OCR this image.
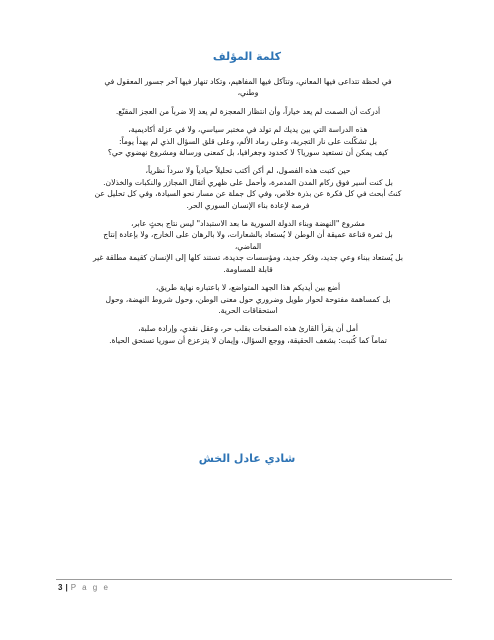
كلمة المؤلف

في لحظة تتداعى فيها المعاني، وتتآكل فيها المفاهيم، وتكاد تنهار فيها آخر جسور المعقول في
وطني،

أدركت أن الصمت لم يعد خياراً، وأن انتظار المعجزة لم يعد إلا ضرباً من العجز المقنّع.

هذه الدراسة التي بين يديك لم تولد في مختبر سياسي، ولا في عزلة أكاديمية،
بل تشكّلت على نار التجربة، وعلى رماد الألم، وعلى قلق السؤال الذي لم يهدأ يوماً:
كيف يمكن أن نستعيد سوريا؟ لا كحدود وجغرافيا، بل كمعنى ورسالة ومشروع نهضوي حي؟

حين كتبت هذه الفصول، لم أكن أكتب تحليلاً حيادياً ولا سرداً نظرياً،
بل كنت أسير فوق ركام المدن المدمرة، وأحمل على ظهري أثقال المجازر والنكبات والخذلان.
كنتُ أبحث في كل فكرة عن بذرة خلاص، وفي كل جملة عن مسار نحو السيادة، وفي كل تحليل عن
فرصة لإعادة بناء الإنسان السوري الحر.

مشروع "النهضة وبناء الدولة السورية ما بعد الاستبداد" ليس نتاج بحثٍ عابر،
بل ثمرة قناعة عميقة أن الوطن لا يُستعاد بالشعارات، ولا بالرهان على الخارج، ولا بإعادة إنتاج
الماضي،
بل يُستعاد ببناء وعي جديد، وفكر جديد، ومؤسسات جديدة، تستند كلها إلى الإنسان كقيمة مطلقة غير
قابلة للمساومة.

أضع بين أيديكم هذا الجهد المتواضع، لا باعتباره نهاية طريق،
بل كمساهمة مفتوحة لحوار طويل وضروري حول معنى الوطن، وحول شروط النهضة، وحول
استحقاقات الحرية.

أمل أن يقرأ القارئ هذه الصفحات بقلب حر، وعقل نقدي، وإرادة صلبة،
تماماً كما كُتبت: بشغف الحقيقة، ووجع السؤال، وإيمان لا يتزعزع أن سوريا تستحق الحياة.

شادي عادل الخش
3 | P a g e
